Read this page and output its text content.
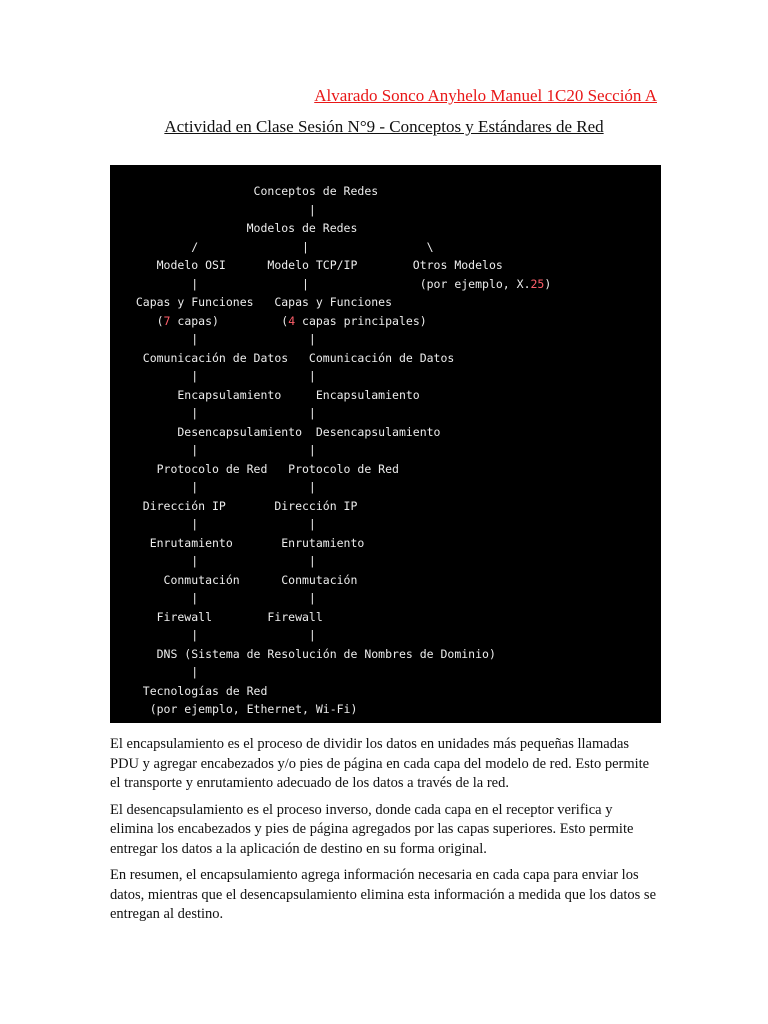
Alvarado Sonco Anyhelo Manuel 1C20 Sección A
Actividad en Clase Sesión N°9 - Conceptos y Estándares de Red
Conceptos de Redes
|
Modelos de Redes
/               |                 \
Modelo OSI      Modelo TCP/IP        Otros Modelos
|               |                (por ejemplo, X.25)
Capas y Funciones   Capas y Funciones
(7 capas)         (4 capas principales)
|                |
Comunicación de Datos   Comunicación de Datos
|                |
Encapsulamiento     Encapsulamiento
|                |
Desencapsulamiento  Desencapsulamiento
|                |
Protocolo de Red   Protocolo de Red
|                |
Dirección IP       Dirección IP
|                |
Enrutamiento       Enrutamiento
|                |
Conmutación      Conmutación
|                |
Firewall        Firewall
|                |
DNS (Sistema de Resolución de Nombres de Dominio)
|
Tecnologías de Red
(por ejemplo, Ethernet, Wi-Fi)

El encapsulamiento es el proceso de dividir los datos en unidades más pequeñas llamadas PDU y agregar encabezados y/o pies de página en cada capa del modelo de red. Esto permite el transporte y enrutamiento adecuado de los datos a través de la red.

El desencapsulamiento es el proceso inverso, donde cada capa en el receptor verifica y elimina los encabezados y pies de página agregados por las capas superiores. Esto permite entregar los datos a la aplicación de destino en su forma original.

En resumen, el encapsulamiento agrega información necesaria en cada capa para enviar los datos, mientras que el desencapsulamiento elimina esta información a medida que los datos se entregan al destino.
